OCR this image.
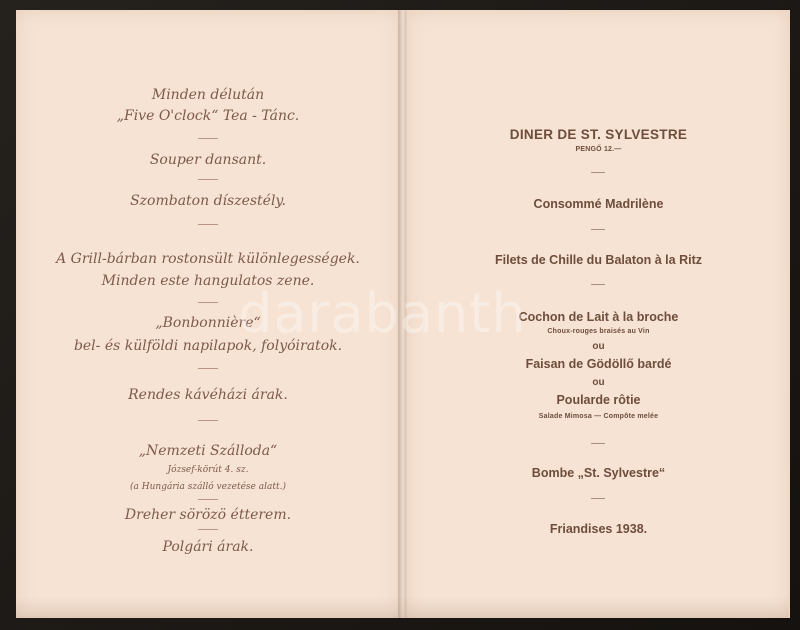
Minden délután
„Five O'clock“ Tea - Tánc.
Souper dansant.
Szombaton díszestély.
A Grill-bárban rostonsült különlegességek.
Minden este hangulatos zene.
„Bonbonnière“
bel- és külföldi napilapok, folyóiratok.
Rendes kávéházi árak.
„Nemzeti Szálloda“
József-körút 4. sz.
(a Hungária szálló vezetése alatt.)
Dreher sörözö étterem.
Polgári árak.
DINER DE ST. SYLVESTRE
PENGŐ 12.—
Consommé Madrilène
Filets de Chille du Balaton à la Ritz
Cochon de Lait à la broche
Choux-rouges braisés au Vin
ou
Faisan de Gödöllő bardé
ou
Poularde rôtie
Salade Mimosa — Compôte melée
Bombe „St. Sylvestre“
Friandises 1938.
darabanth
